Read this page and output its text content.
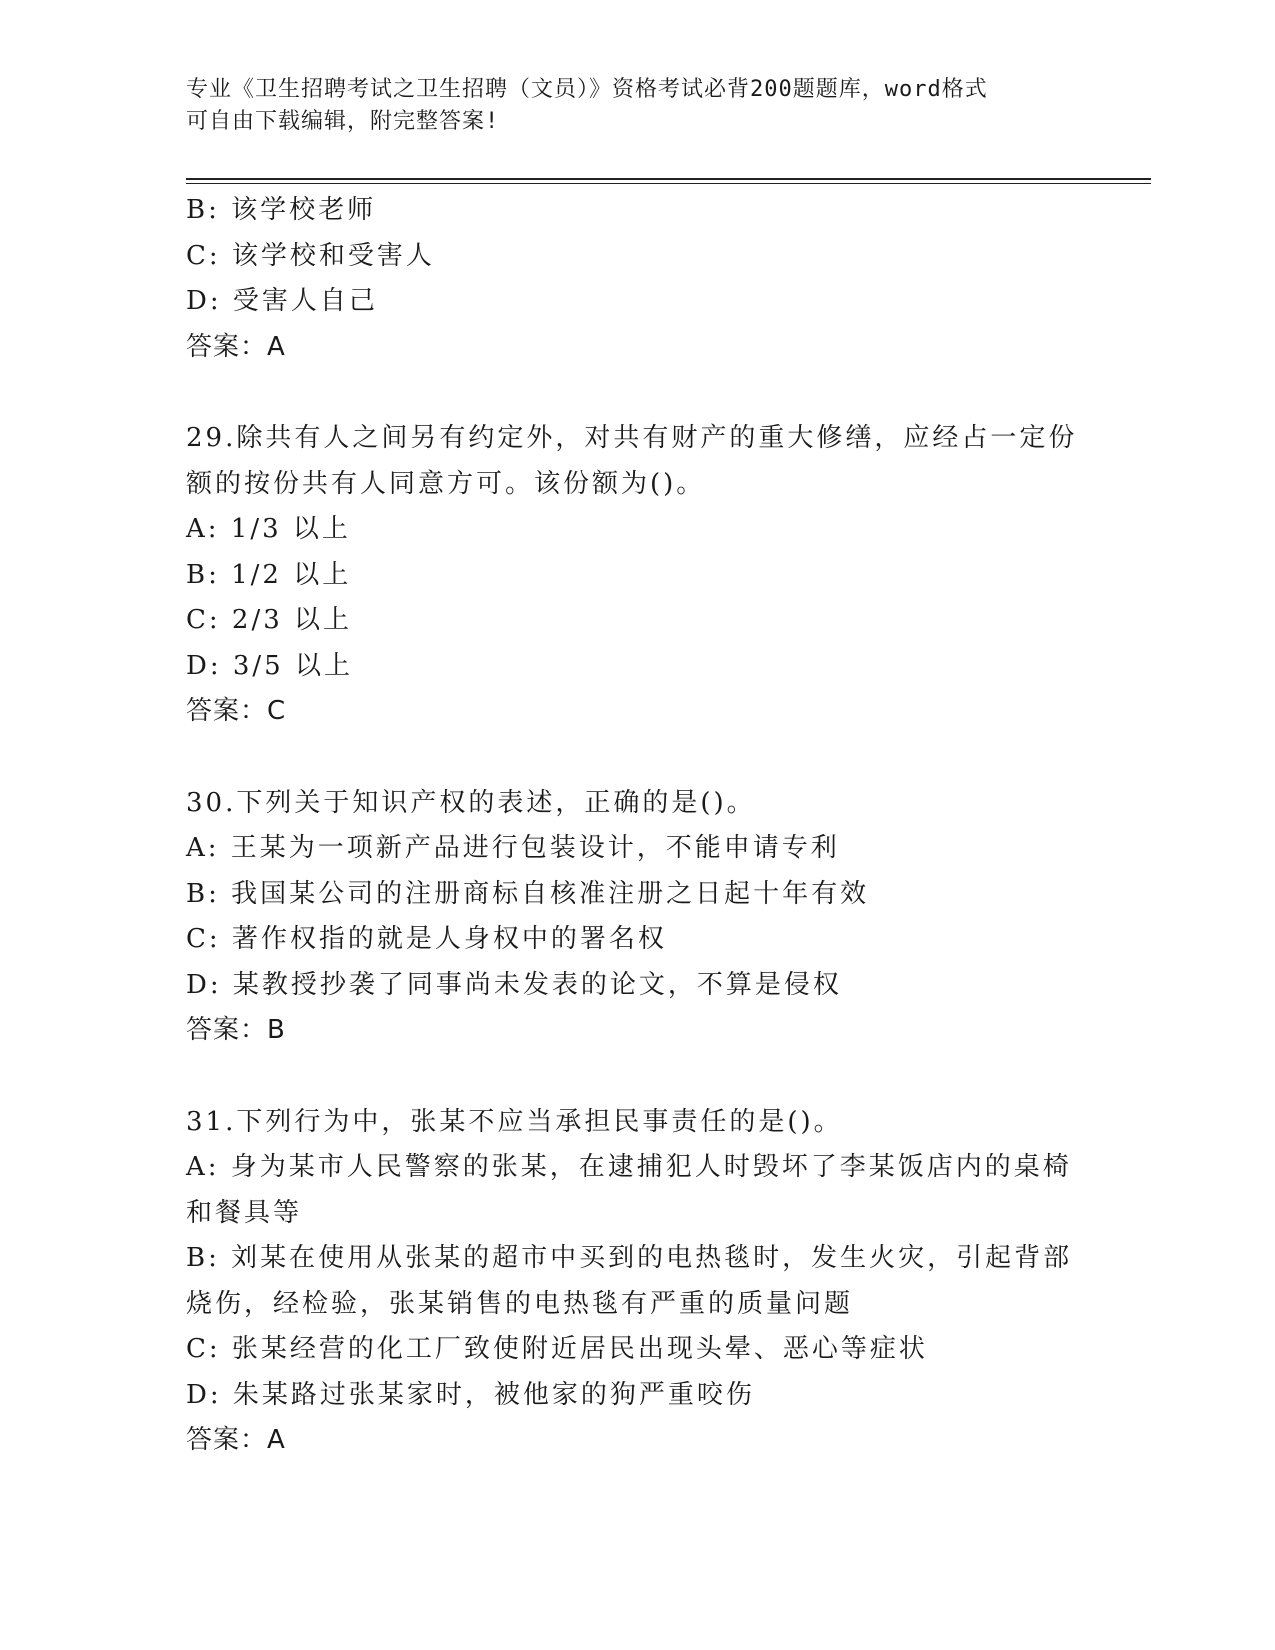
专业《卫生招聘考试之卫生招聘（文员）》资格考试必背200题题库，word格式
可自由下载编辑，附完整答案!
B: 该学校老师
C: 该学校和受害人
D: 受害人自己
答案：A
29.除共有人之间另有约定外，对共有财产的重大修缮，应经占一定份
额的按份共有人同意方可。该份额为()。
A: 1/3 以上
B: 1/2 以上
C: 2/3 以上
D: 3/5 以上
答案：C
30.下列关于知识产权的表述，正确的是()。
A: 王某为一项新产品进行包装设计，不能申请专利
B: 我国某公司的注册商标自核准注册之日起十年有效
C: 著作权指的就是人身权中的署名权
D: 某教授抄袭了同事尚未发表的论文，不算是侵权
答案：B
31.下列行为中，张某不应当承担民事责任的是()。
A: 身为某市人民警察的张某，在逮捕犯人时毁坏了李某饭店内的桌椅
和餐具等
B: 刘某在使用从张某的超市中买到的电热毯时，发生火灾，引起背部
烧伤，经检验，张某销售的电热毯有严重的质量问题
C: 张某经营的化工厂致使附近居民出现头晕、恶心等症状
D: 朱某路过张某家时，被他家的狗严重咬伤
答案：A
